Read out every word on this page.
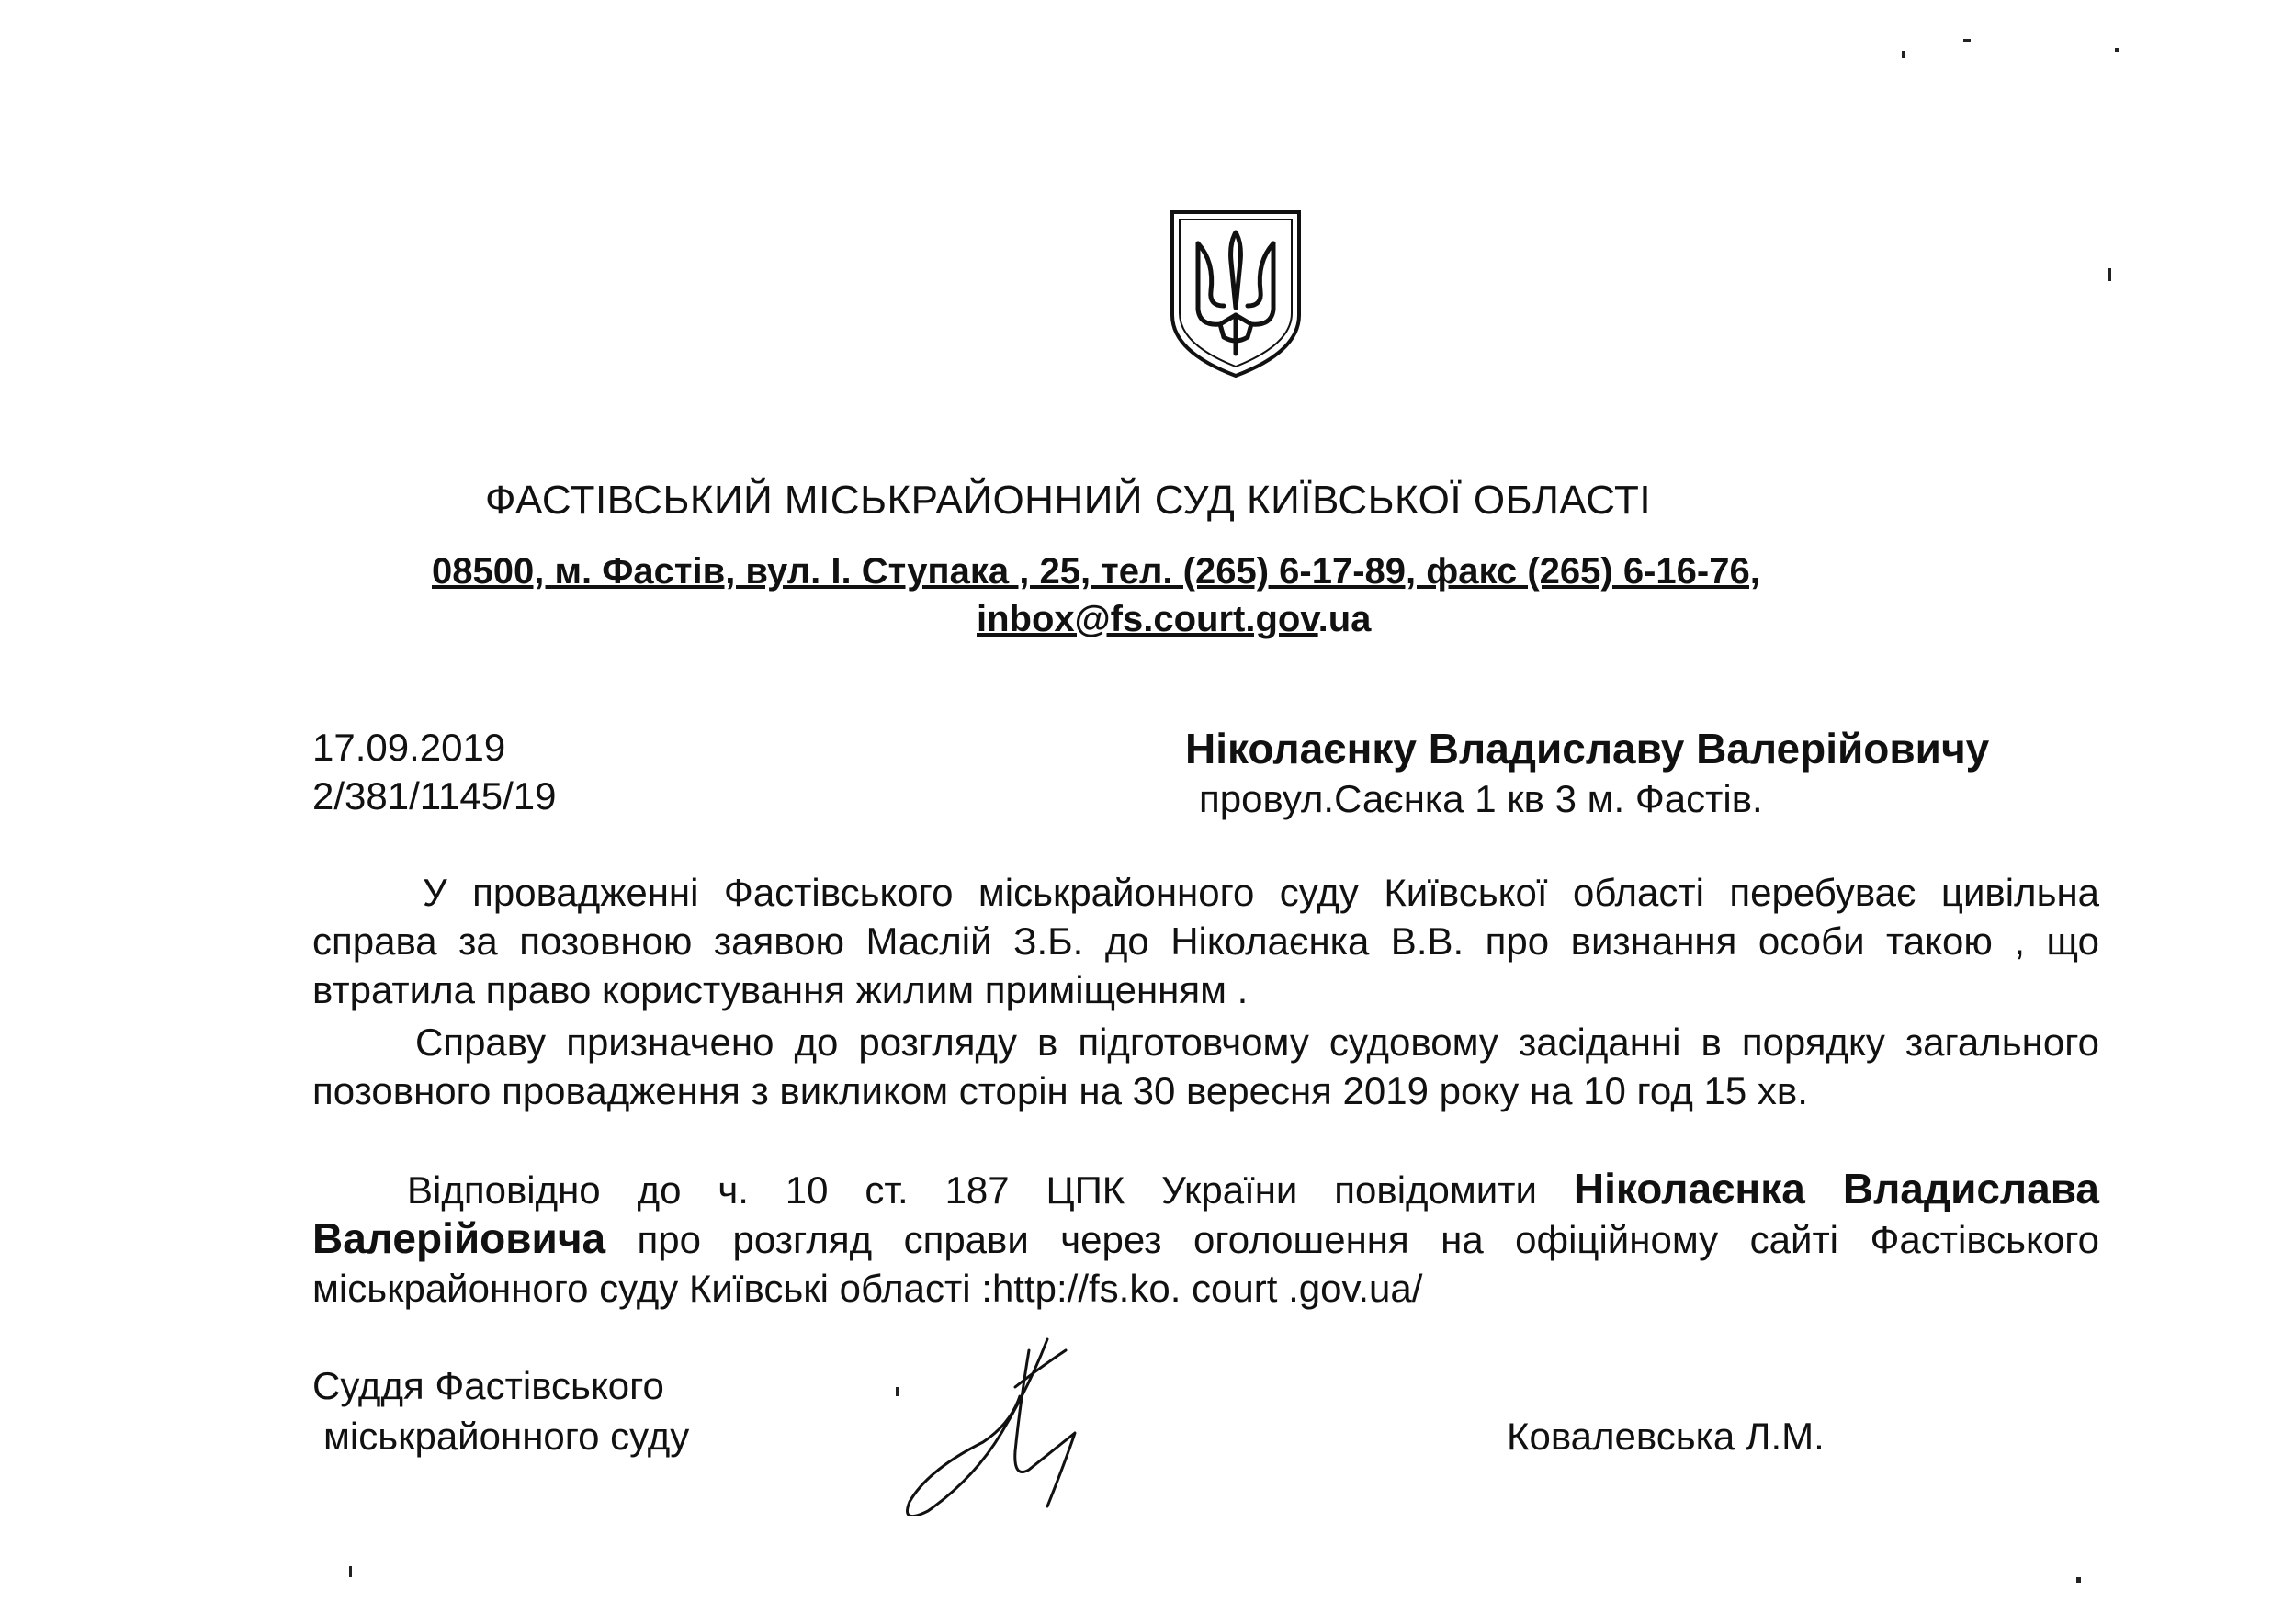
ФАСТІВСЬКИЙ МІСЬКРАЙОННИЙ СУД КИЇВСЬКОЇ ОБЛАСТІ
08500, м. Фастів, вул. І. Ступака , 25, тел. (265) 6-17-89, факс (265) 6-16-76,
inbox@fs.court.gov.ua
17.09.2019
2/381/1145/19
Ніколаєнку Владиславу Валерійовичу
провул.Саєнка 1 кв 3 м. Фастів.
У провадженні Фастівського міськрайонного суду Київської області перебуває цивільна справа за позовною заявою Маслій З.Б. до Ніколаєнка В.В. про визнання особи такою , що втратила право користування жилим приміщенням .
Справу призначено до розгляду в підготовчому судовому засіданні в порядку загального позовного провадження з викликом сторін на 30 вересня 2019 року на 10 год 15 хв.
Відповідно до ч. 10 ст. 187 ЦПК України повідомити Ніколаєнка Владислава Валерійовича про розгляд справи через оголошення на офіційному сайті Фастівського міськрайонного суду Київські області :http://fs.ko. court .gov.ua/
Суддя Фастівського
міськрайонного суду	Ковалевська Л.М.
